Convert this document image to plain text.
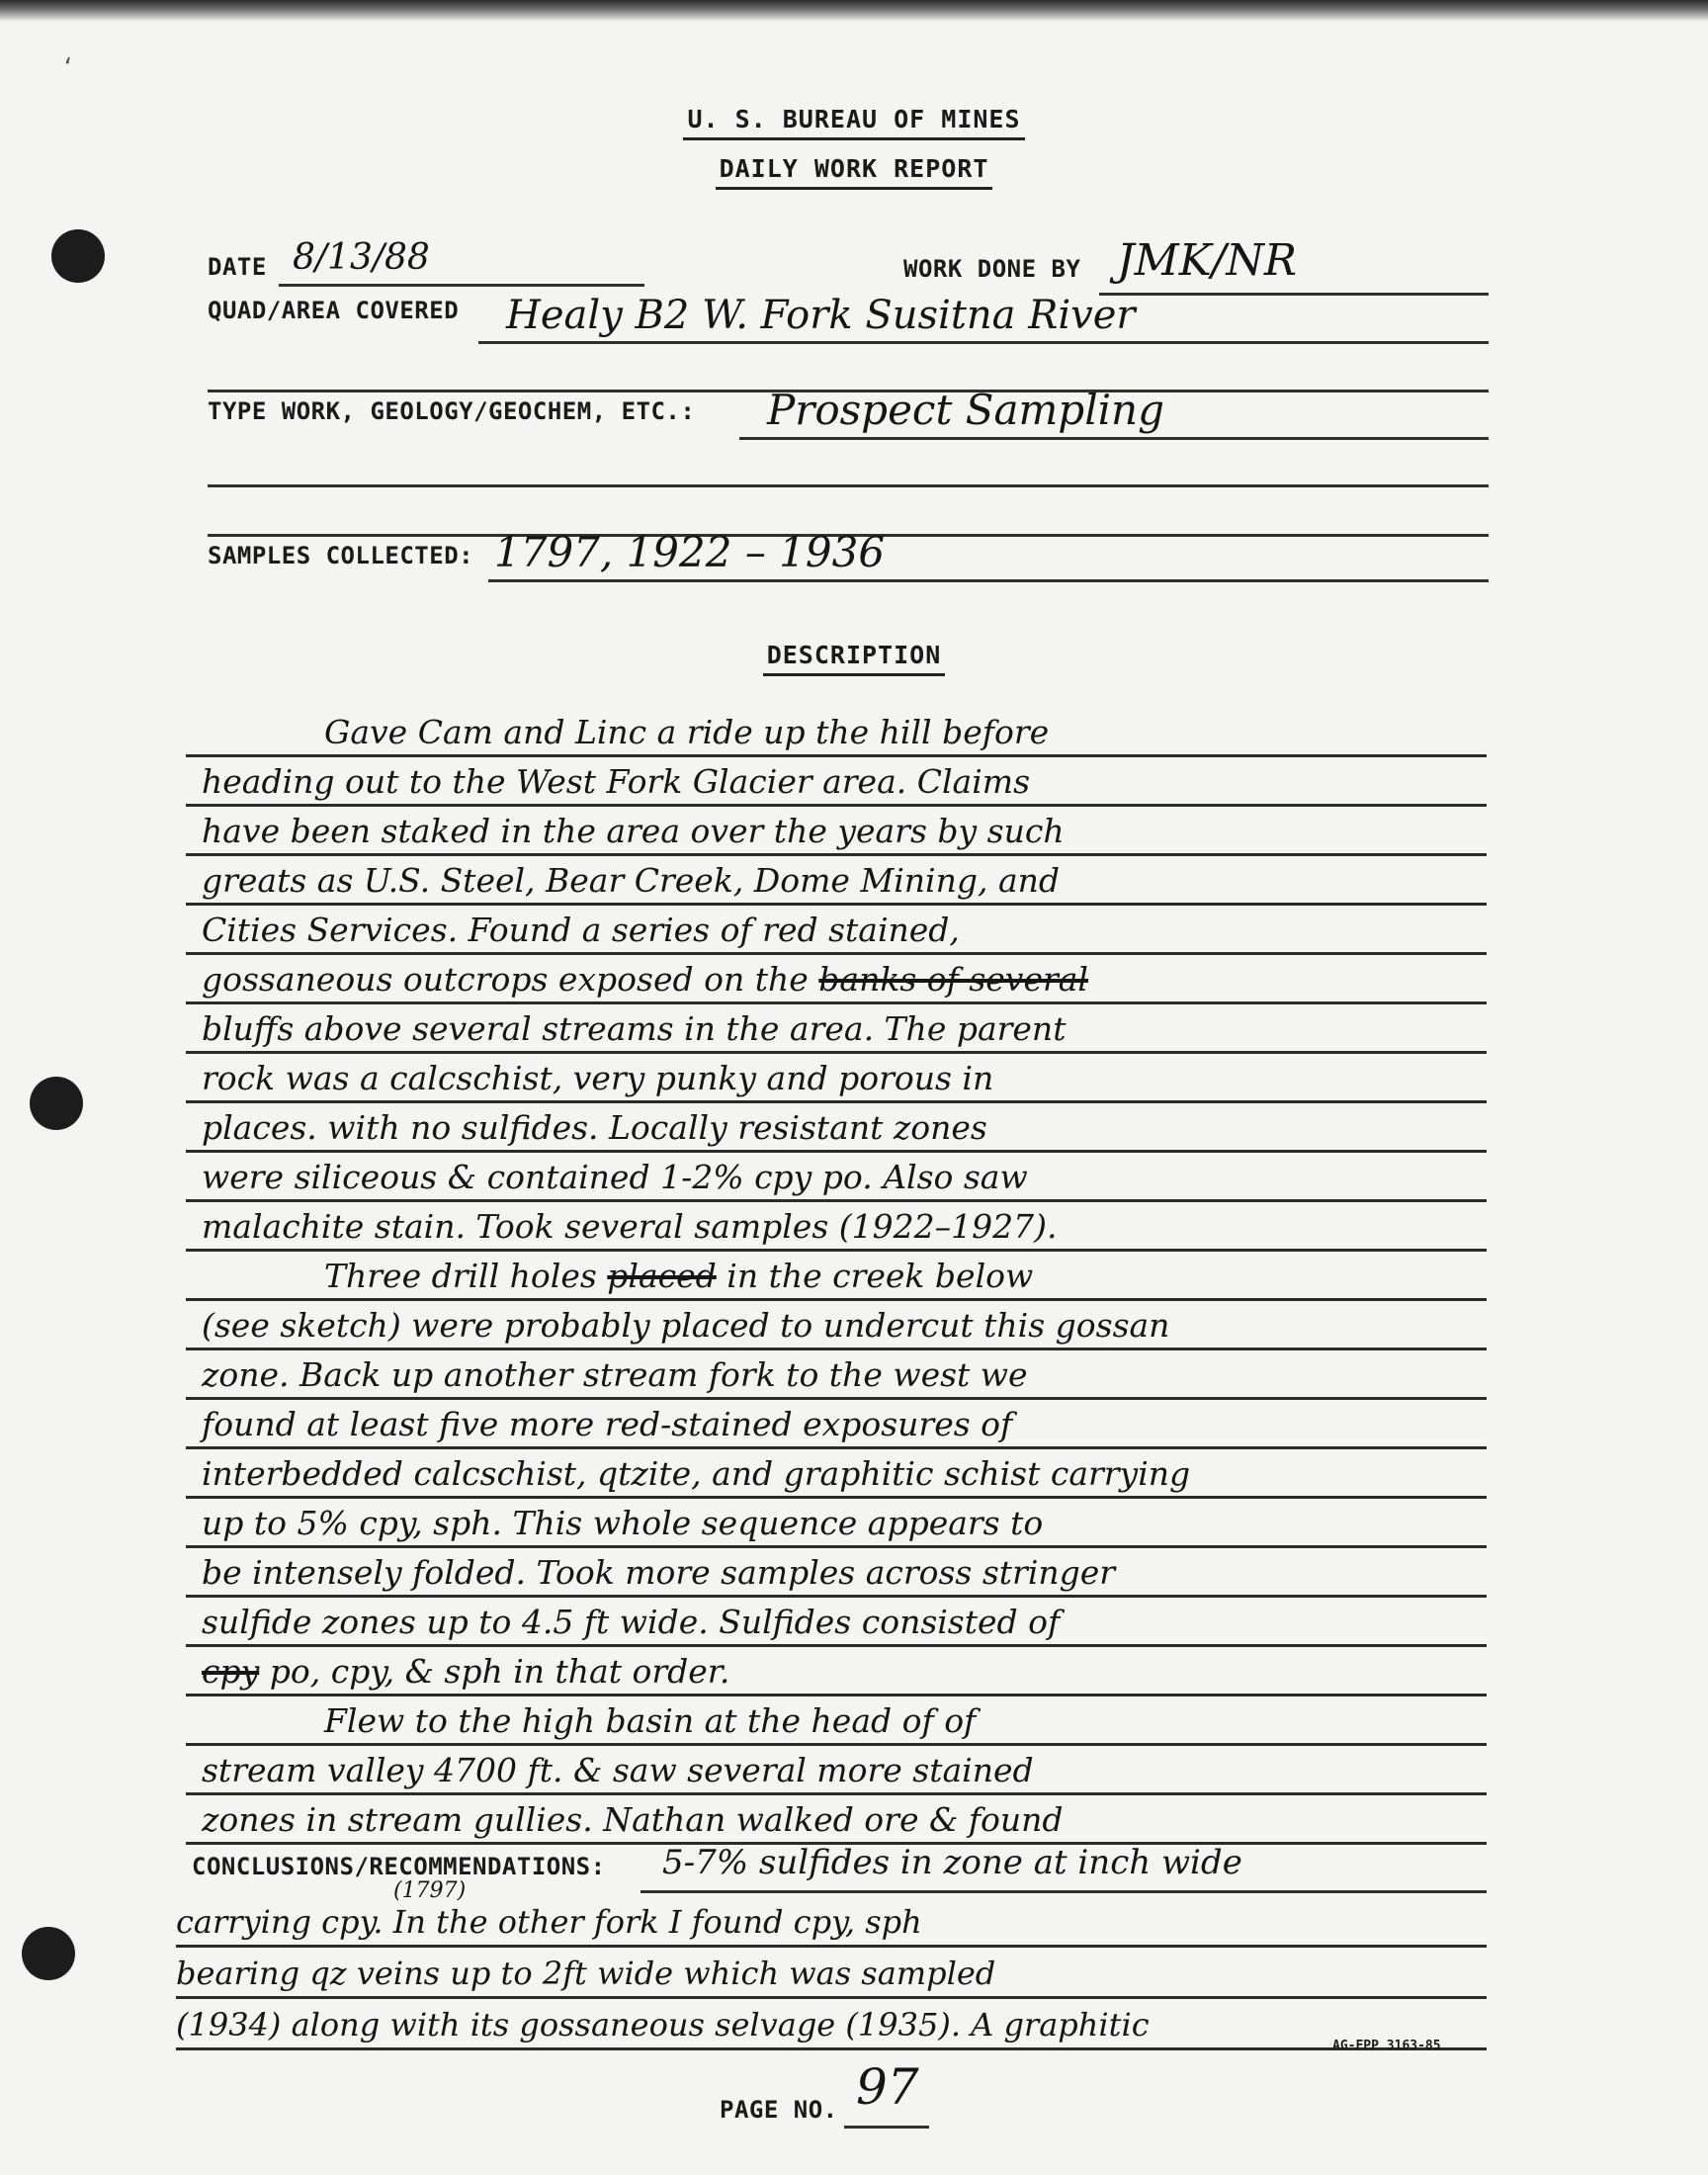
‘
U. S. BUREAU OF MINES
DAILY WORK REPORT
DATE 8/13/88	WORK DONE BY JMK/NR
QUAD/AREA COVERED Healy B2 W. Fork Susitna River
TYPE WORK, GEOLOGY/GEOCHEM, ETC.: Prospect Sampling
SAMPLES COLLECTED: 1797, 1922 – 1936
DESCRIPTION
Gave Cam and Linc a ride up the hill before
heading out to the West Fork Glacier area. Claims
have been staked in the area over the years by such
greats as U.S. Steel, Bear Creek, Dome Mining, and
Cities Services. Found a series of red stained,
gossaneous outcrops exposed on the banks of several
bluffs above several streams in the area. The parent
rock was a calcschist, very punky and porous in
places. with no sulfides. Locally resistant zones
were siliceous & contained 1-2% cpy po. Also saw
malachite stain. Took several samples (1922–1927).
Three drill holes placed in the creek below
(see sketch) were probably placed to undercut this gossan
zone. Back up another stream fork to the west we
found at least five more red-stained exposures of
interbedded calcschist, qtzite, and graphitic schist carrying
up to 5% cpy, sph. This whole sequence appears to
be intensely folded. Took more samples across stringer
sulfide zones up to 4.5 ft wide. Sulfides consisted of
cpy po, cpy, & sph in that order.
Flew to the high basin at the head of of
stream valley 4700 ft. & saw several more stained
zones in stream gullies. Nathan walked ore & found
CONCLUSIONS/RECOMMENDATIONS: 5-7% sulfides in zone at inch wide
(1797)
carrying cpy. In the other fork I found cpy, sph
bearing qz veins up to 2ft wide which was sampled
(1934) along with its gossaneous selvage (1935). A graphitic
AG-FPP 3163-85
PAGE NO. 97
